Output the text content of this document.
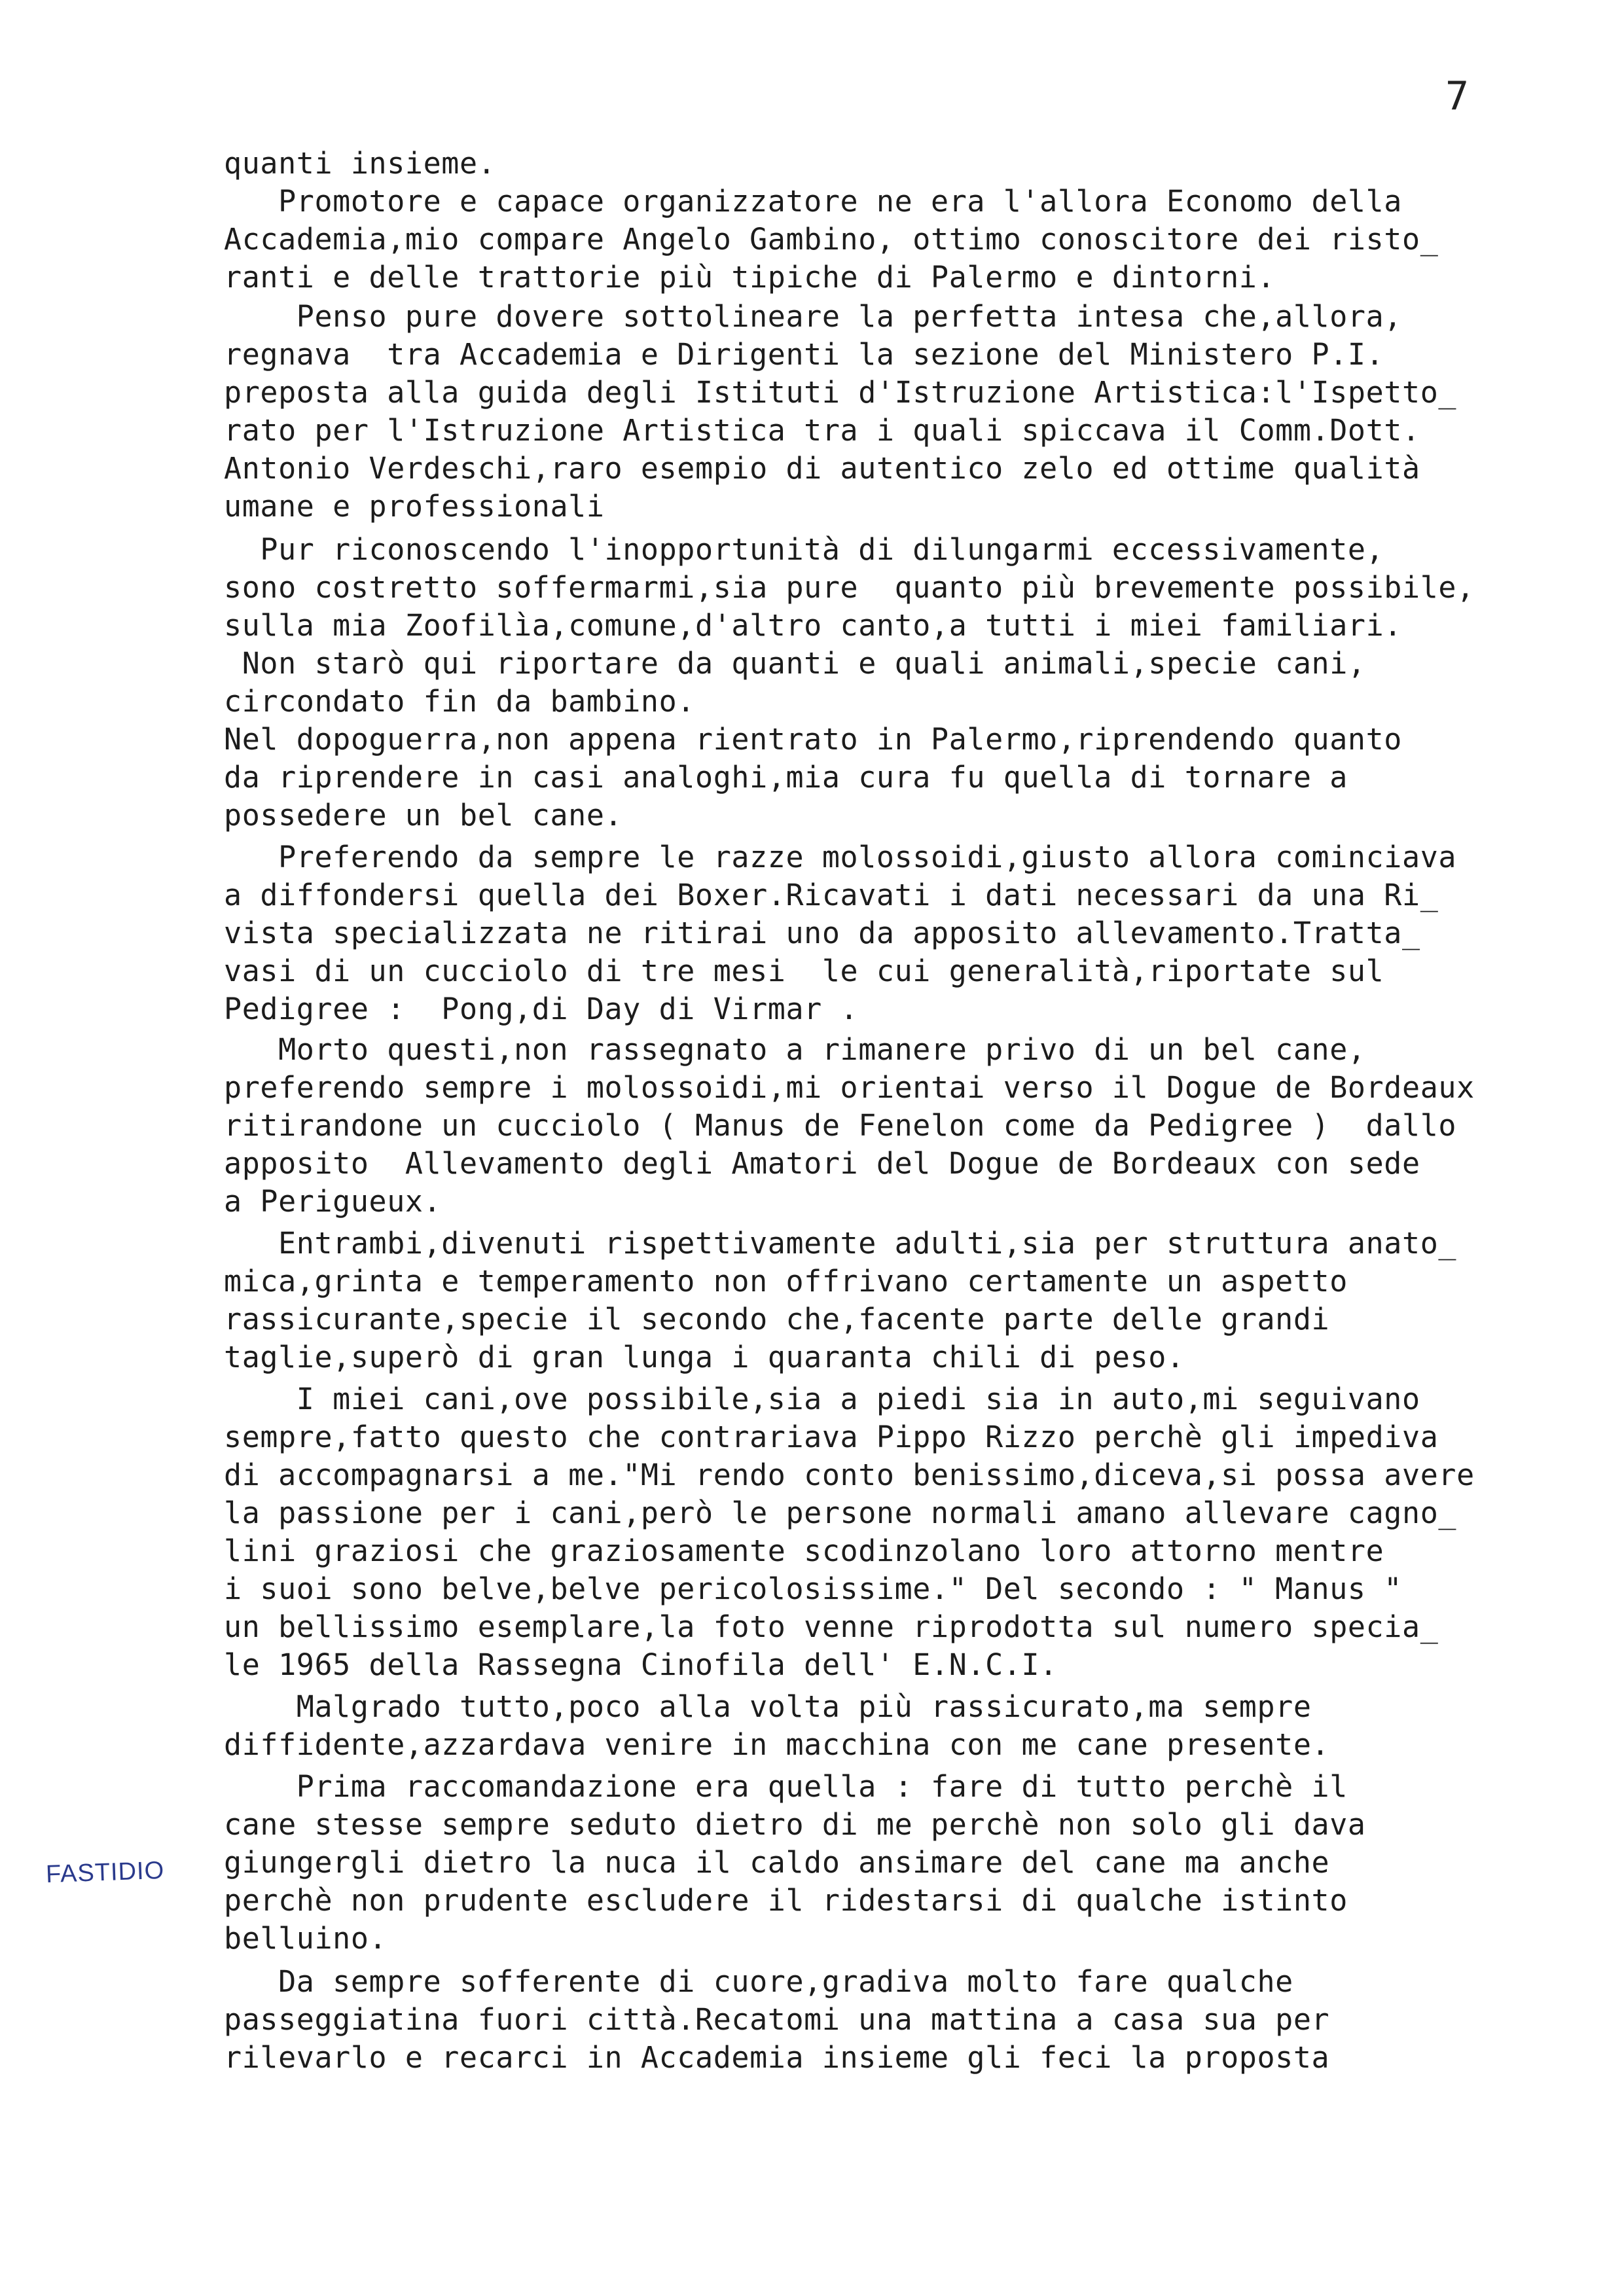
7
FASTIDIO
quanti insieme.
Promotore e capace organizzatore ne era l'allora Economo della
Accademia,mio compare Angelo Gambino, ottimo conoscitore dei risto_
ranti e delle trattorie più tipiche di Palermo e dintorni.
Penso pure dovere sottolineare la perfetta intesa che,allora,
regnava  tra Accademia e Dirigenti la sezione del Ministero P.I.
preposta alla guida degli Istituti d'Istruzione Artistica:l'Ispetto_
rato per l'Istruzione Artistica tra i quali spiccava il Comm.Dott.
Antonio Verdeschi,raro esempio di autentico zelo ed ottime qualità
umane e professionali
Pur riconoscendo l'inopportunità di dilungarmi eccessivamente,
sono costretto soffermarmi,sia pure  quanto più brevemente possibile,
sulla mia Zoofilìa,comune,d'altro canto,a tutti i miei familiari.
Non starò qui riportare da quanti e quali animali,specie cani,
circondato fin da bambino.
Nel dopoguerra,non appena rientrato in Palermo,riprendendo quanto
da riprendere in casi analoghi,mia cura fu quella di tornare a
possedere un bel cane.
Preferendo da sempre le razze molossoidi,giusto allora cominciava
a diffondersi quella dei Boxer.Ricavati i dati necessari da una Ri_
vista specializzata ne ritirai uno da apposito allevamento.Tratta_
vasi di un cucciolo di tre mesi  le cui generalità,riportate sul
Pedigree :  Pong,di Day di Virmar .
Morto questi,non rassegnato a rimanere privo di un bel cane,
preferendo sempre i molossoidi,mi orientai verso il Dogue de Bordeaux
ritirandone un cucciolo ( Manus de Fenelon come da Pedigree )  dallo
apposito  Allevamento degli Amatori del Dogue de Bordeaux con sede
a Perigueux.
Entrambi,divenuti rispettivamente adulti,sia per struttura anato_
mica,grinta e temperamento non offrivano certamente un aspetto
rassicurante,specie il secondo che,facente parte delle grandi
taglie,superò di gran lunga i quaranta chili di peso.
I miei cani,ove possibile,sia a piedi sia in auto,mi seguivano
sempre,fatto questo che contrariava Pippo Rizzo perchè gli impediva
di accompagnarsi a me."Mi rendo conto benissimo,diceva,si possa avere
la passione per i cani,però le persone normali amano allevare cagno_
lini graziosi che graziosamente scodinzolano loro attorno mentre
i suoi sono belve,belve pericolosissime." Del secondo : " Manus "
un bellissimo esemplare,la foto venne riprodotta sul numero specia_
le 1965 della Rassegna Cinofila dell' E.N.C.I.
Malgrado tutto,poco alla volta più rassicurato,ma sempre
diffidente,azzardava venire in macchina con me cane presente.
Prima raccomandazione era quella : fare di tutto perchè il
cane stesse sempre seduto dietro di me perchè non solo gli dava
giungergli dietro la nuca il caldo ansimare del cane ma anche
perchè non prudente escludere il ridestarsi di qualche istinto
belluino.
Da sempre sofferente di cuore,gradiva molto fare qualche
passeggiatina fuori città.Recatomi una mattina a casa sua per
rilevarlo e recarci in Accademia insieme gli feci la proposta
